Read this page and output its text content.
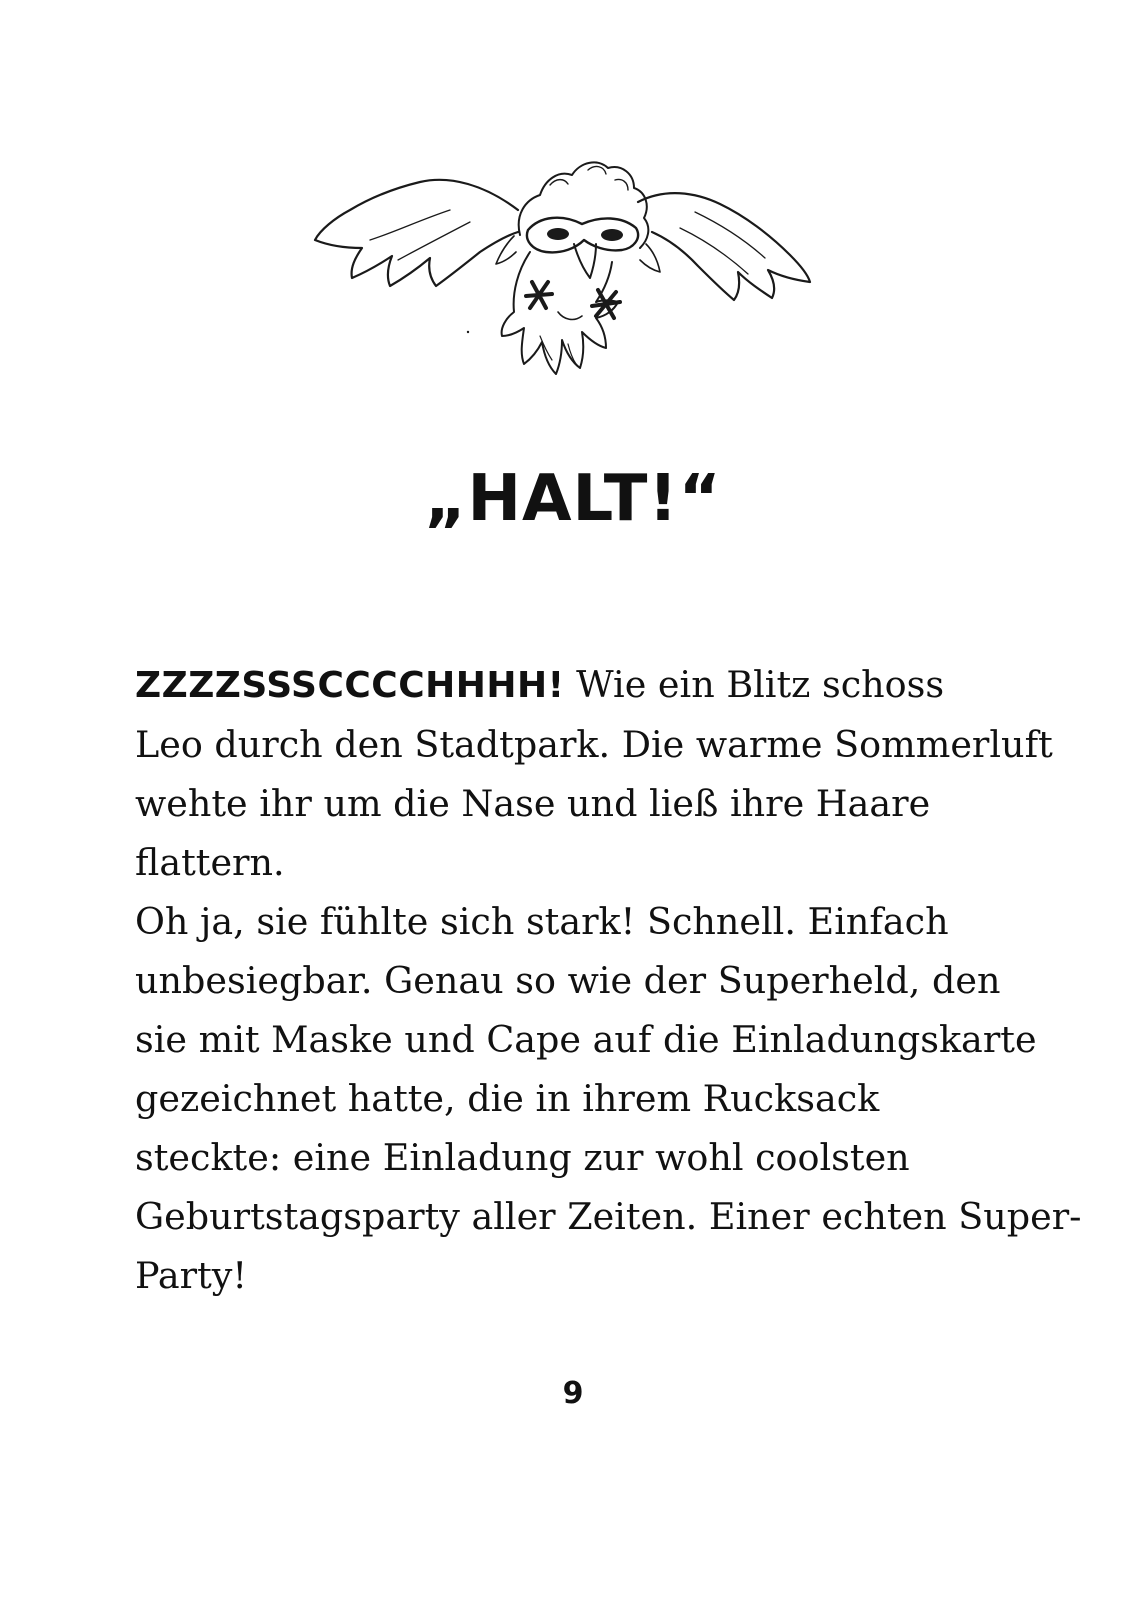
„HALT!“
ZZZZSSSCCCCHHHH! Wie ein Blitz schoss
Leo durch den Stadtpark. Die warme Sommerluft
wehte ihr um die Nase und ließ ihre Haare
flattern.
Oh ja, sie fühlte sich stark! Schnell. Einfach
unbesiegbar. Genau so wie der Superheld, den
sie mit Maske und Cape auf die Einladungskarte
gezeichnet hatte, die in ihrem Rucksack
steckte: eine Einladung zur wohl coolsten
Geburtstagsparty aller Zeiten. Einer echten Super-
Party!
9
